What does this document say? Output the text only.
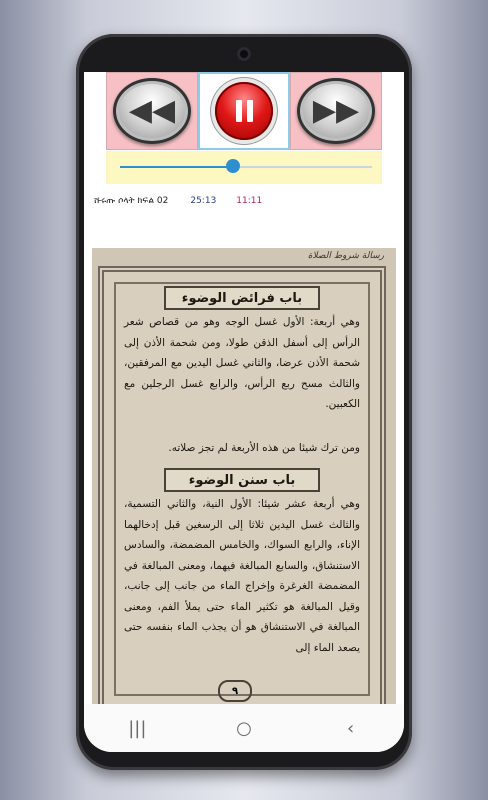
◀◀	▶▶
ሹሩጡ ሶላት ክፍል 02 25:13 11:11
رسالة شروط الصلاة
باب فرائض الوضوء
وهي أربعة: الأول غسل الوجه وهو من قصاص شعر الرأس إلى أسفل الذقن طولا، ومن شحمة الأذن إلى شحمة الأذن عرضا، والثاني غسل اليدين مع المرفقين، والثالث مسح ربع الرأس، والرابع غسل الرجلين مع الكعبين.
ومن ترك شيئا من هذه الأربعة لم تجز صلاته.
باب سنن الوضوء
وهي أربعة عشر شيئا: الأول النية، والثاني التسمية، والثالث غسل اليدين ثلاثا إلى الرسغين قبل إدخالهما الإناء، والرابع السواك، والخامس المضمضة، والسادس الاستنشاق، والسابع المبالغة فيهما، ومعنى المبالغة في المضمضة الغرغرة وإخراج الماء من جانب إلى جانب، وقيل المبالغة هو تكثير الماء حتى يملأ الفم، ومعنى المبالغة في الاستنشاق هو أن يجذب الماء بنفسه حتى يصعد الماء إلى
٩
|||	○	‹
